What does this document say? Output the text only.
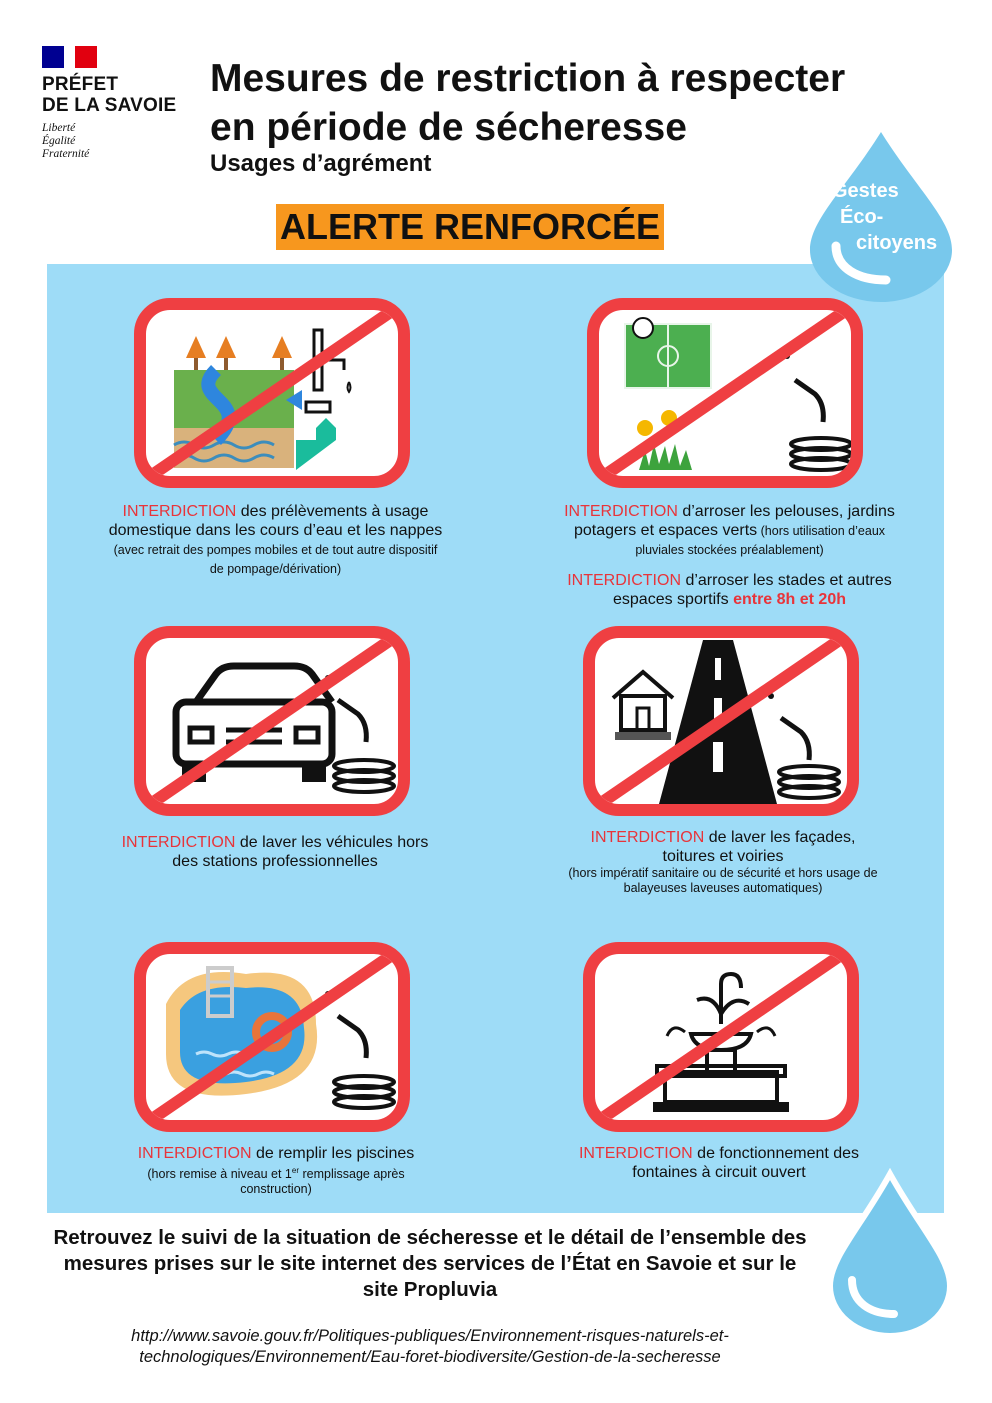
PRÉFET
DE LA SAVOIE
Liberté
Égalité
Fraternité
Mesures de restriction à respecter
en période de sécheresse
Usages d’agrément
ALERTE RENFORCÉE
Gestes
Éco-
citoyens

INTERDICTION des prélèvements à usage domestique dans les cours d’eau et les nappes (avec retrait des pompes mobiles et de tout autre dispositif de pompage/dérivation)

INTERDICTION d’arroser les pelouses, jardins potagers et espaces verts (hors utilisation d’eaux pluviales stockées préalablement)

INTERDICTION d’arroser les stades et autres espaces sportifs entre 8h et 20h

INTERDICTION de laver les véhicules hors des stations professionnelles

INTERDICTION de laver les façades, toitures et voiries

(hors impératif sanitaire ou de sécurité et hors usage de balayeuses laveuses automatiques)

INTERDICTION de remplir les piscines

(hors remise à niveau et 1er remplissage après construction)

INTERDICTION de fonctionnement des fontaines à circuit ouvert

Retrouvez le suivi de la situation de sécheresse et le détail de l’ensemble des mesures prises sur le site internet des services de l’État en Savoie et sur le site Propluvia
http://www.savoie.gouv.fr/Politiques-publiques/Environnement-risques-naturels-et-
technologiques/Environnement/Eau-foret-biodiversite/Gestion-de-la-secheresse
